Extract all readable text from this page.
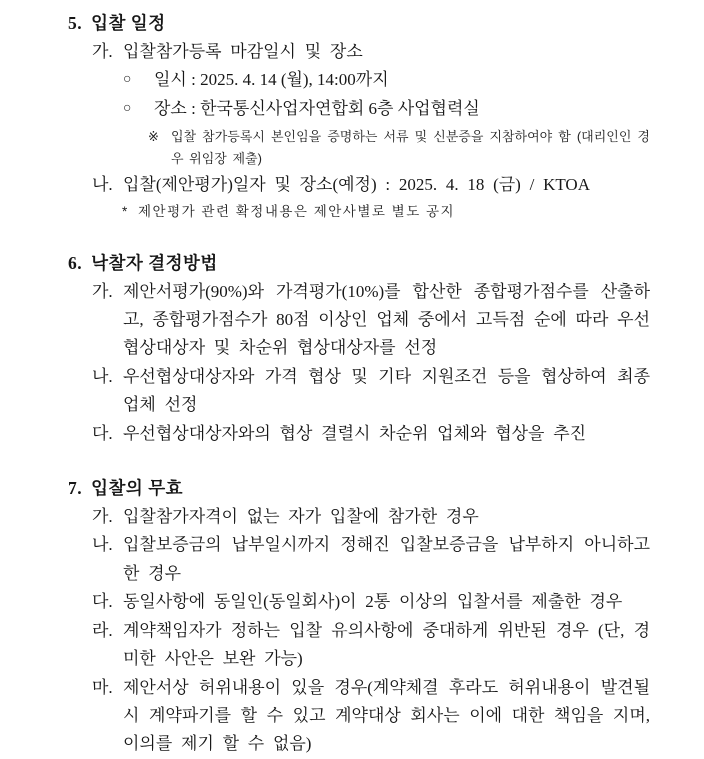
5. 입찰 일정
가. 입찰참가등록 마감일시 및 장소
○	일시 : 2025. 4. 14 (월), 14:00까지
○	장소 : 한국통신사업자연합회 6층 사업협력실
※ 입찰 참가등록시 본인임을 증명하는 서류 및 신분증을 지참하여야 함 (대리인인 경우 위임장 제출)
나. 입찰(제안평가)일자 및 장소(예정) : 2025. 4. 18 (금) / KTOA
* 제안평가 관련 확정내용은 제안사별로 별도 공지
6. 낙찰자 결정방법
가. 제안서평가(90%)와 가격평가(10%)를 합산한 종합평가점수를 산출하고, 종합평가점수가 80점 이상인 업체 중에서 고득점 순에 따라 우선협상대상자 및 차순위 협상대상자를 선정
나. 우선협상대상자와 가격 협상 및 기타 지원조건 등을 협상하여 최종 업체 선정
다. 우선협상대상자와의 협상 결렬시 차순위 업체와 협상을 추진
7. 입찰의 무효
가. 입찰참가자격이 없는 자가 입찰에 참가한 경우
나. 입찰보증금의 납부일시까지 정해진 입찰보증금을 납부하지 아니하고 한 경우
다. 동일사항에 동일인(동일회사)이 2통 이상의 입찰서를 제출한 경우
라. 계약책임자가 정하는 입찰 유의사항에 중대하게 위반된 경우 (단, 경미한 사안은 보완 가능)
마. 제안서상 허위내용이 있을 경우(계약체결 후라도 허위내용이 발견될 시 계약파기를 할 수 있고 계약대상 회사는 이에 대한 책임을 지며, 이의를 제기 할 수 없음)
